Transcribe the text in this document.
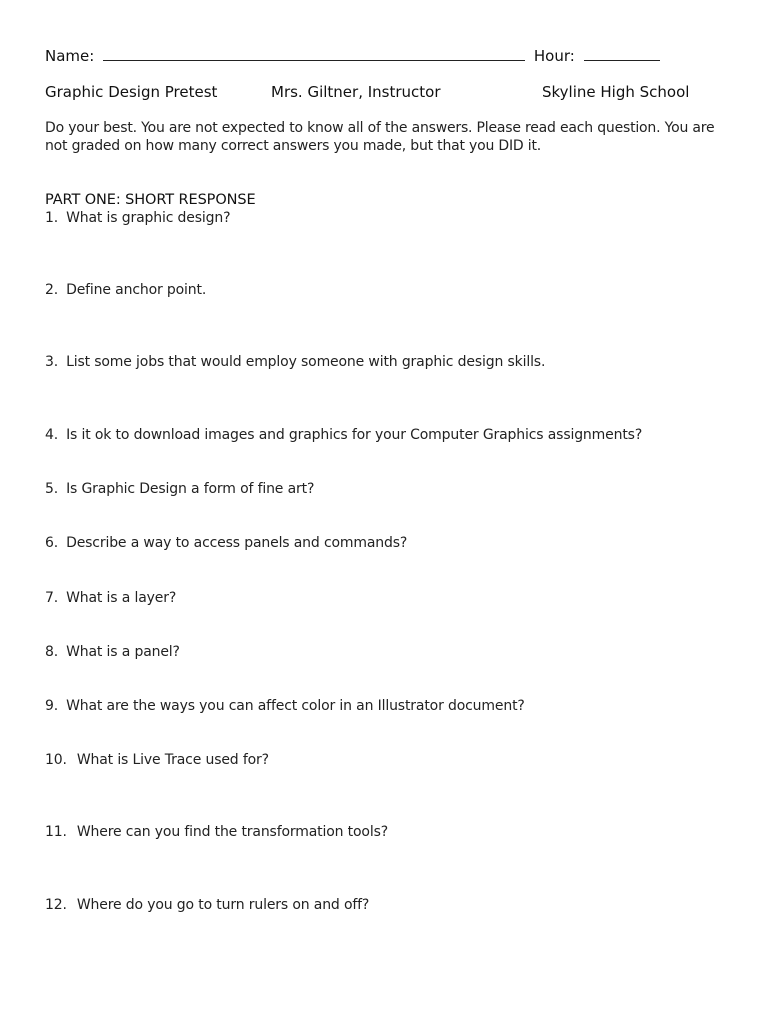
Name:	Hour:
Graphic Design Pretest	Mrs. Giltner, Instructor	Skyline High School
Do your best. You are not expected to know all of the answers. Please read each question. You are not graded on how many correct answers you made, but that you DID it.
PART ONE: SHORT RESPONSE
1. What is graphic design?
2. Define anchor point.
3. List some jobs that would employ someone with graphic design skills.
4. Is it ok to download images and graphics for your Computer Graphics assignments?
5. Is Graphic Design a form of fine art?
6. Describe a way to access panels and commands?
7. What is a layer?
8. What is a panel?
9. What are the ways you can affect color in an Illustrator document?
10. What is Live Trace used for?
11. Where can you find the transformation tools?
12. Where do you go to turn rulers on and off?
